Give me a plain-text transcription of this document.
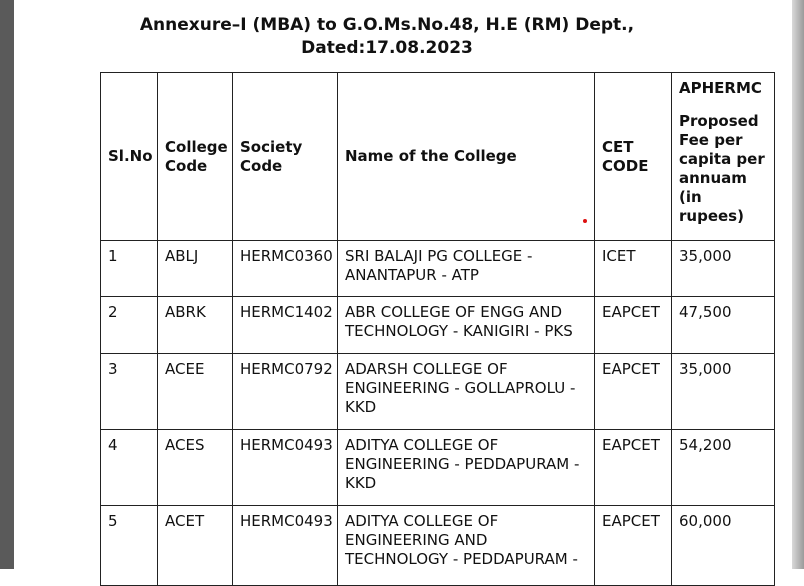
Annexure–I (MBA) to G.O.Ms.No.48, H.E (RM) Dept.,
Dated:17.08.2023
Sl.No	College Code	Society Code	Name of the College	CET CODE	APHERMC
Proposed Fee per capita per annuam (in rupees)

1	ABLJ	HERMC0360	SRI BALAJI PG COLLEGE - ANANTAPUR - ATP	ICET	35,000
2	ABRK	HERMC1402	ABR COLLEGE OF ENGG AND TECHNOLOGY - KANIGIRI - PKS	EAPCET	47,500
3	ACEE	HERMC0792	ADARSH COLLEGE OF ENGINEERING - GOLLAPROLU - KKD	EAPCET	35,000
4	ACES	HERMC0493	ADITYA COLLEGE OF ENGINEERING - PEDDAPURAM - KKD	EAPCET	54,200
5	ACET	HERMC0493	ADITYA COLLEGE OF ENGINEERING AND TECHNOLOGY - PEDDAPURAM -	EAPCET	60,000
